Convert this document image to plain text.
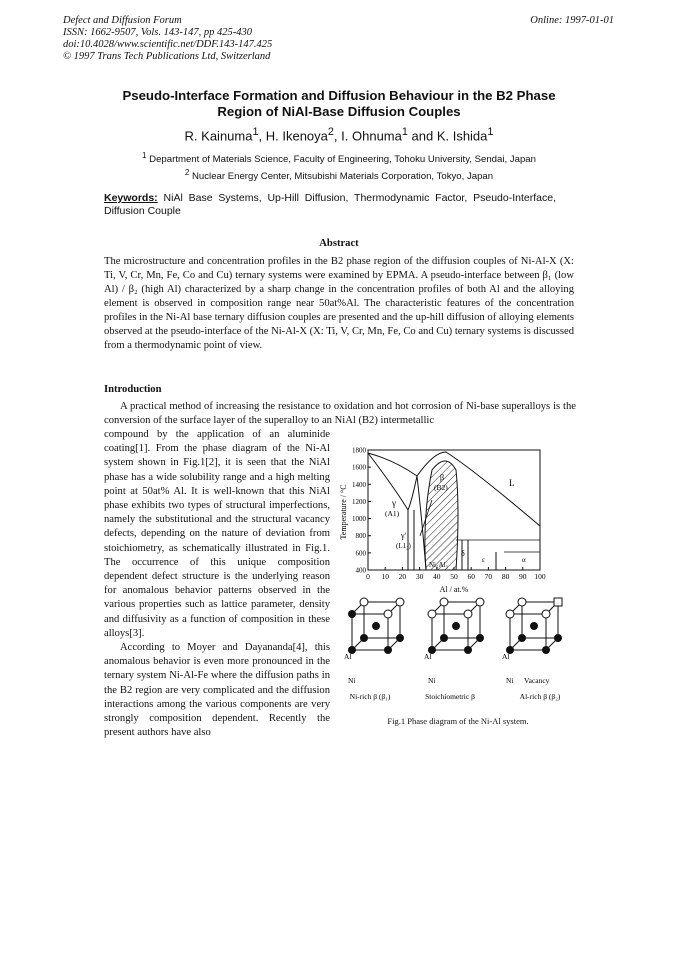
Defect and Diffusion Forum
ISSN: 1662-9507, Vols. 143-147, pp 425-430
doi:10.4028/www.scientific.net/DDF.143-147.425
© 1997 Trans Tech Publications Ltd, Switzerland
Online: 1997-01-01
Pseudo-Interface Formation and Diffusion Behaviour in the B2 Phase
Region of NiAl-Base Diffusion Couples
R. Kainuma$^1$, H. Ikenoya$^2$, I. Ohnuma$^1$ and K. Ishida$^1$
$^1$ Department of Materials Science, Faculty of Engineering, Tohoku University, Sendai, Japan
$^2$ Nuclear Energy Center, Mitsubishi Materials Corporation, Tokyo, Japan
Keywords: NiAl Base Systems, Up-Hill Diffusion, Thermodynamic Factor, Pseudo-Interface, Diffusion Couple
Abstract
The microstructure and concentration profiles in the B2 phase region of the diffusion couples of Ni-Al-X (X: Ti, V, Cr, Mn, Fe, Co and Cu) ternary systems were examined by EPMA. A pseudo-interface between β₁ (low Al) / β₂ (high Al) characterized by a sharp change in the concentration profiles of both Al and the alloying element is observed in composition range near 50at%Al. The characteristic features of the concentration profiles in the Ni-Al base ternary diffusion couples are presented and the up-hill diffusion of alloying elements observed at the pseudo-interface of the Ni-Al-X (X: Ti, V, Cr, Mn, Fe, Co and Cu) ternary systems is discussed from a thermodynamic point of view.
Introduction
A practical method of increasing the resistance to oxidation and hot corrosion of Ni-base superalloys is the conversion of the surface layer of the superalloy to an NiAl (B2) intermetallic

compound by the application of an aluminide coating[1]. From the phase diagram of the Ni-Al system shown in Fig.1[2], it is seen that the NiAl phase has a wide solubility range and a high melting point at 50at% Al. It is well-known that this NiAl phase exhibits two types of structural imperfections, namely the substitutional and the structural vacancy defects, depending on the nature of deviation from stoichiometry, as schematically illustrated in Fig.1. The occurrence of this unique composition dependent defect structure is the underlying reason for anomalous behavior patterns observed in the various properties such as lattice parameter, density and diffusivity as a function of composition in these alloys[3].

According to Moyer and Dayananda[4], this anomalous behavior is even more pronounced in the ternary system Ni-Al-Fe where the diffusion paths in the B2 region are very complicated and the diffusion interactions among the various components are very strongly composition dependent. Recently the present authors have also

0 10 20 30 40 50 60 70 80 90 100
400
600
800
1000
1200
1400
1600
1800
L
γ
(A1)
γ'
(L1₂)
β
(B2)
Ni₅Al₃
δ
ε	α
Al / at.%
Temperature / °C
Al	Al	Al
Ni	Ni	Ni Vacancy
Ni-rich β (β₁)	Stoichiometric β	Al-rich β (β₂)
Fig.1 Phase diagram of the Ni-Al system.
